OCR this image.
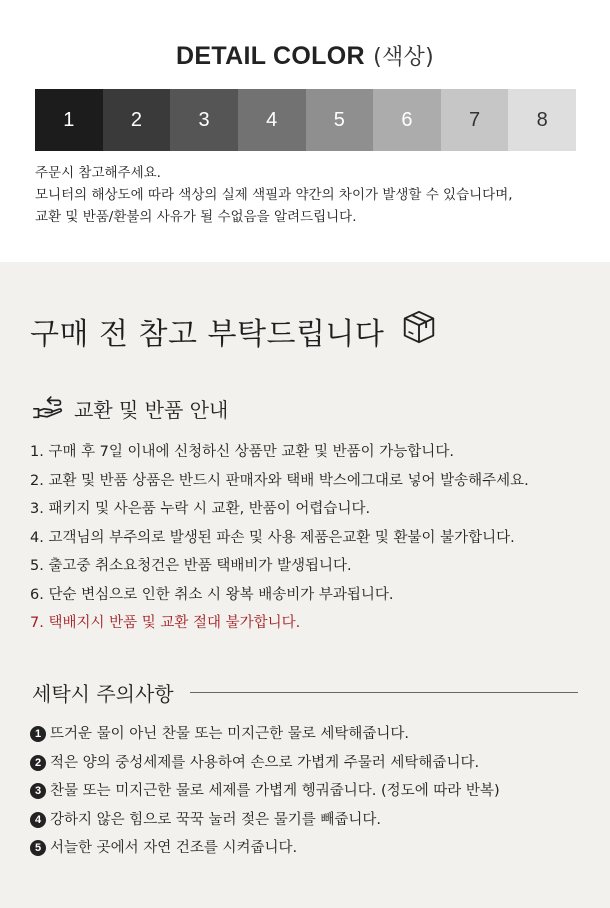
DETAIL COLOR (색상)
1	2	3	4	5	6	7	8
주문시 참고해주세요.
모니터의 해상도에 따라 색상의 실제 색필과 약간의 차이가 발생할 수 있습니다며,
교환 및 반품/환불의 사유가 될 수없음을 알려드립니다.
구매 전 참고 부탁드립니다
교환 및 반품 안내
1. 구매 후 7일 이내에 신청하신 상품만 교환 및 반품이 가능합니다.
2. 교환 및 반품 상품은 반드시 판매자와 택배 박스에그대로 넣어 발송해주세요.
3. 패키지 및 사은품 누락 시 교환, 반품이 어렵습니다.
4. 고객님의 부주의로 발생된 파손 및 사용 제품은교환 및 환불이 불가합니다.
5. 출고중 취소요청건은 반품 택배비가 발생됩니다.
6. 단순 변심으로 인한 취소 시 왕복 배송비가 부과됩니다.
7. 택배지시 반품 및 교환 절대 불가합니다.
세탁시 주의사항
1 뜨거운 물이 아닌 찬물 또는 미지근한 물로 세탁해줍니다.
2 적은 양의 중성세제를 사용하여 손으로 가볍게 주물러 세탁해줍니다.
3 찬물 또는 미지근한 물로 세제를 가볍게 헹궈줍니다. (정도에 따라 반복)
4 강하지 않은 힘으로 꾹꾹 눌러 젖은 물기를 빼줍니다.
5 서늘한 곳에서 자연 건조를 시켜줍니다.
